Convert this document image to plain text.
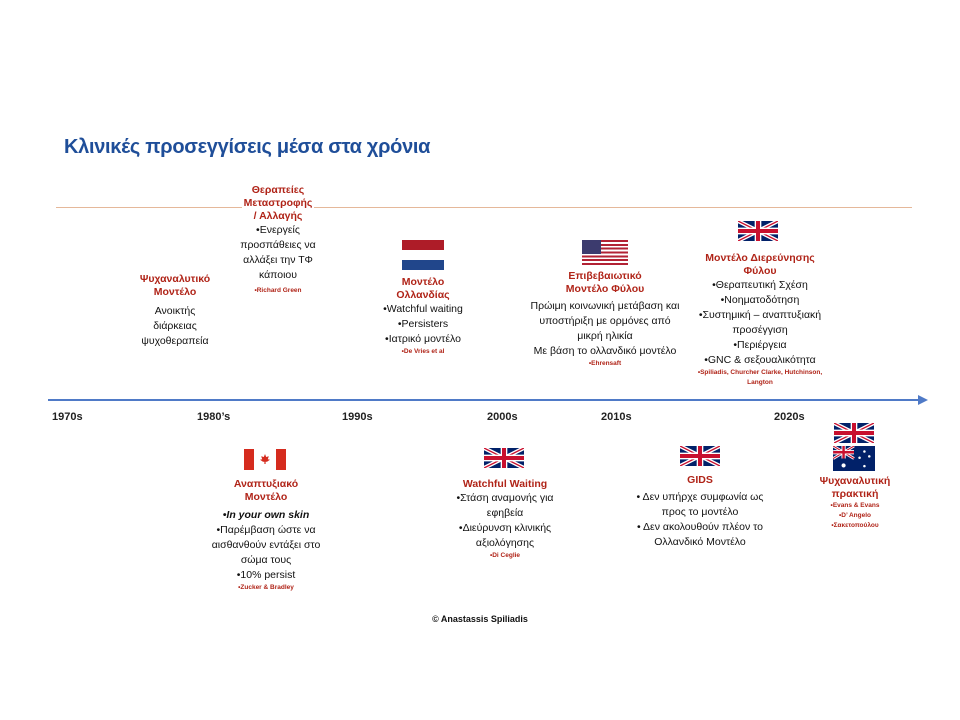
Κλινικές προσεγγίσεις μέσα στα χρόνια
1970s	1980’s	1990s	2000s	2010s	2020s
Ψυχαναλυτικό
Μοντέλο
Ανοικτής
διάρκειας
ψυχοθεραπεία
Θεραπείες
Μεταστροφής
/ Αλλαγής
•Ενεργείς
προσπάθειες να
αλλάξει την ΤΦ
κάποιου
•Richard Green
Μοντέλο
Ολλανδίας
•Watchful waiting
•Persisters
•Ιατρικό μοντέλο
•De Vries et al
Επιβεβαιωτικό
Μοντέλο Φύλου
Πρώιμη κοινωνική μετάβαση και
υποστήριξη με ορμόνες από
μικρή ηλικία
Με βάση το ολλανδικό μοντέλο
•Ehrensaft
Μοντέλο Διερεύνησης
Φύλου
•Θεραπευτική Σχέση
•Νοηματοδότηση
•Συστημική – αναπτυξιακή
προσέγγιση
•Περιέργεια
•GNC & σεξουαλικότητα
•Spiliadis, Churcher Clarke, Hutchinson,
Langton
Αναπτυξιακό
Μοντέλο
•In your own skin
•Παρέμβαση ώστε να
αισθανθούν εντάξει στο
σώμα τους
•10% persist
•Zucker & Bradley
Watchful Waiting
•Στάση αναμονής για
εφηβεία
•Διεύρυνση κλινικής
αξιολόγησης
•Di Ceglie
GIDS
• Δεν υπήρχε συμφωνία ως
προς το μοντέλο
• Δεν ακολουθούν πλέον το
Ολλανδικό Μοντέλο
Ψυχαναλυτική
πρακτική
•Evans & Evans
•D’ Angelo
•Σακετοπούλου
© Anastassis Spiliadis
